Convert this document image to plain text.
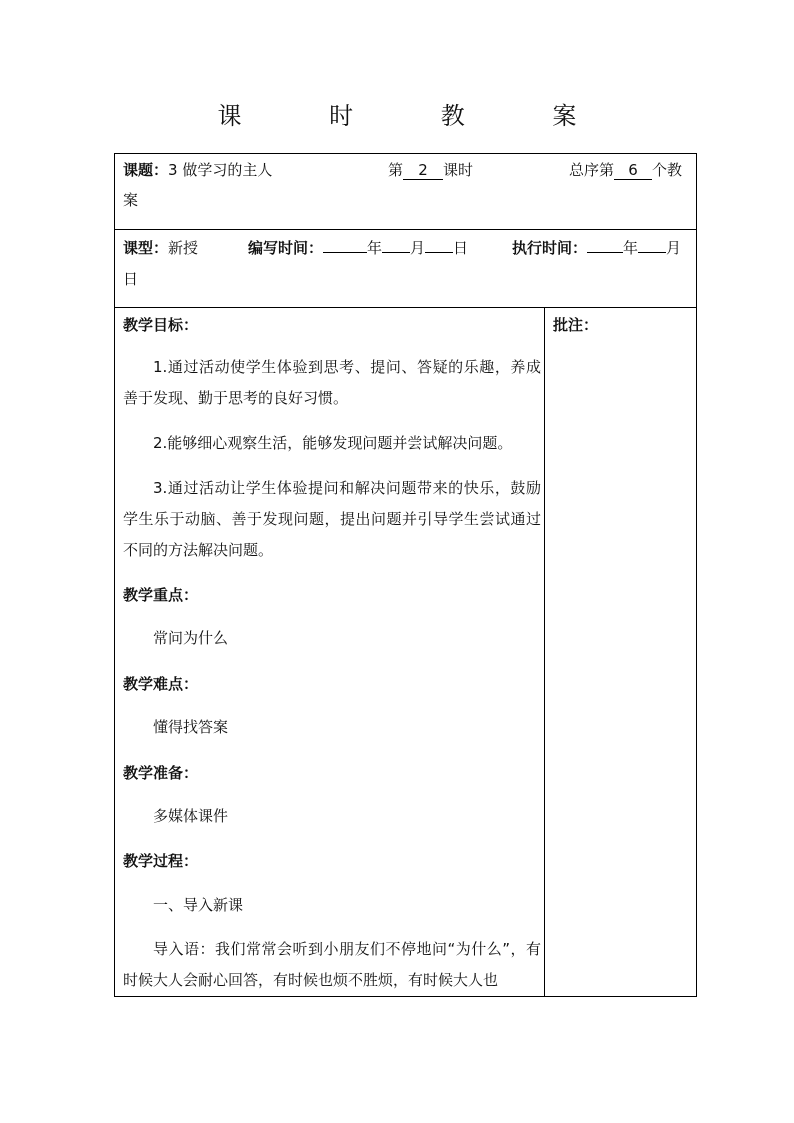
课 时 教 案
课题：3 做学习的主人	第 2 课时	总序第 6 个教
案
课型：新授	编写时间：	年 月 日	执行时间： 年 月
日
教学目标：
1.通过活动使学生体验到思考、提问、答疑的乐趣，养成善于发现、勤于思考的良好习惯。
2.能够细心观察生活，能够发现问题并尝试解决问题。
3.通过活动让学生体验提问和解决问题带来的快乐，鼓励学生乐于动脑、善于发现问题，提出问题并引导学生尝试通过不同的方法解决问题。
教学重点：
常问为什么
教学难点：
懂得找答案
教学准备：
多媒体课件
教学过程：
一、导入新课
导入语：我们常常会听到小朋友们不停地问“为什么”，有时候大人会耐心回答，有时候也烦不胜烦，有时候大人也
批注：
